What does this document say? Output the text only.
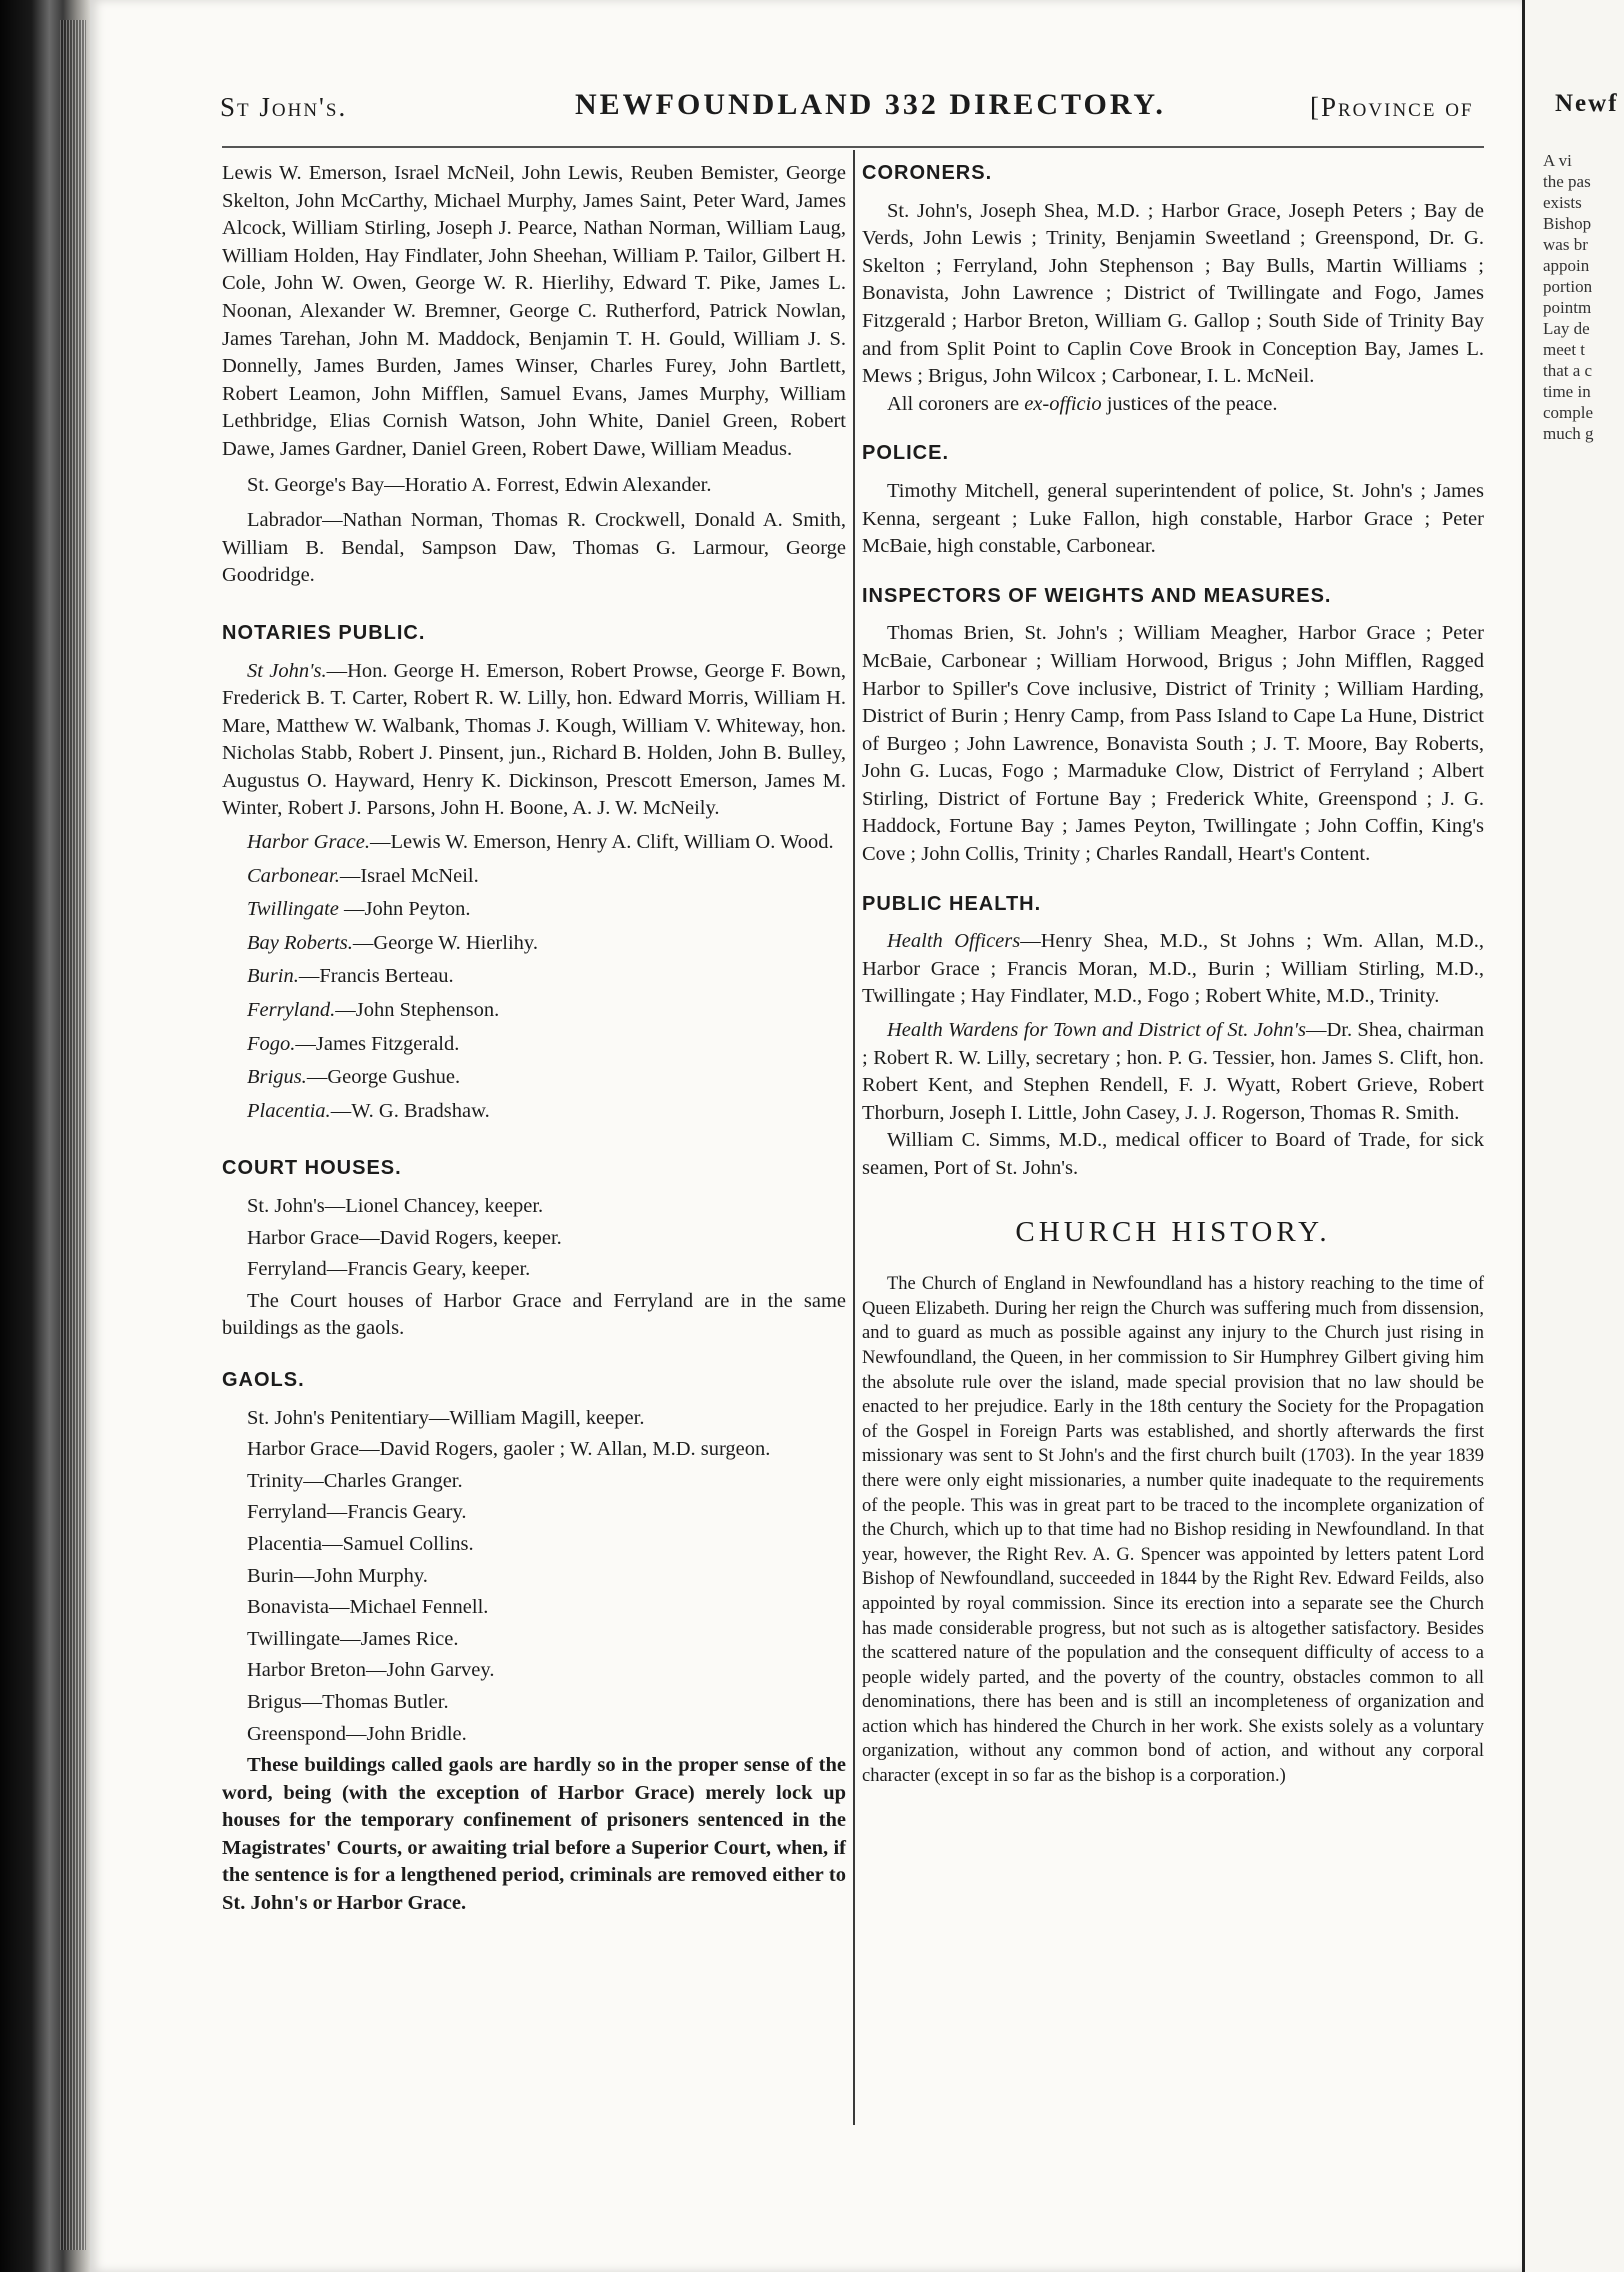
Newf
A vi
the pas
exists
Bishop
was br
appoin
portion
pointm
Lay de
meet t
that a c
time in
comple
much g
St John's.	NEWFOUNDLAND 332 DIRECTORY.	[Province of

Lewis W. Emerson, Israel McNeil, John Lewis, Reuben Bemister, George Skelton, John McCarthy, Michael Murphy, James Saint, Peter Ward, James Alcock, William Stirling, Joseph J. Pearce, Nathan Norman, William Laug, William Holden, Hay Findlater, John Sheehan, William P. Tailor, Gilbert H. Cole, John W. Owen, George W. R. Hierlihy, Edward T. Pike, James L. Noonan, Alexander W. Bremner, George C. Rutherford, Patrick Nowlan, James Tarehan, John M. Maddock, Benjamin T. H. Gould, William J. S. Donnelly, James Burden, James Winser, Charles Furey, John Bartlett, Robert Leamon, John Mifflen, Samuel Evans, James Murphy, William Lethbridge, Elias Cornish Watson, John White, Daniel Green, Robert Dawe, James Gardner, Daniel Green, Robert Dawe, William Meadus.

St. George's Bay—Horatio A. Forrest, Edwin Alexander.

Labrador—Nathan Norman, Thomas R. Crockwell, Donald A. Smith, William B. Bendal, Sampson Daw, Thomas G. Larmour, George Goodridge.

NOTARIES PUBLIC.

St John's.—Hon. George H. Emerson, Robert Prowse, George F. Bown, Frederick B. T. Carter, Robert R. W. Lilly, hon. Edward Morris, William H. Mare, Matthew W. Walbank, Thomas J. Kough, William V. Whiteway, hon. Nicholas Stabb, Robert J. Pinsent, jun., Richard B. Holden, John B. Bulley, Augustus O. Hayward, Henry K. Dickinson, Prescott Emerson, James M. Winter, Robert J. Parsons, John H. Boone, A. J. W. McNeily.

Harbor Grace.—Lewis W. Emerson, Henry A. Clift, William O. Wood.

Carbonear.—Israel McNeil.

Twillingate —John Peyton.

Bay Roberts.—George W. Hierlihy.

Burin.—Francis Berteau.

Ferryland.—John Stephenson.

Fogo.—James Fitzgerald.

Brigus.—George Gushue.

Placentia.—W. G. Bradshaw.

COURT HOUSES.

St. John's—Lionel Chancey, keeper.

Harbor Grace—David Rogers, keeper.

Ferryland—Francis Geary, keeper.

The Court houses of Harbor Grace and Ferryland are in the same buildings as the gaols.

GAOLS.

St. John's Penitentiary—William Magill, keeper.

Harbor Grace—David Rogers, gaoler ; W. Allan, M.D. surgeon.

Trinity—Charles Granger.

Ferryland—Francis Geary.

Placentia—Samuel Collins.

Burin—John Murphy.

Bonavista—Michael Fennell.

Twillingate—James Rice.

Harbor Breton—John Garvey.

Brigus—Thomas Butler.

Greenspond—John Bridle.

These buildings called gaols are hardly so in the proper sense of the word, being (with the exception of Harbor Grace) merely lock up houses for the temporary confinement of prisoners sentenced in the Magistrates' Courts, or awaiting trial before a Superior Court, when, if the sentence is for a lengthened period, criminals are removed either to St. John's or Harbor Grace.

CORONERS.

St. John's, Joseph Shea, M.D. ; Harbor Grace, Joseph Peters ; Bay de Verds, John Lewis ; Trinity, Benjamin Sweetland ; Greenspond, Dr. G. Skelton ; Ferryland, John Stephenson ; Bay Bulls, Martin Williams ; Bonavista, John Lawrence ; District of Twillingate and Fogo, James Fitzgerald ; Harbor Breton, William G. Gallop ; South Side of Trinity Bay and from Split Point to Caplin Cove Brook in Conception Bay, James L. Mews ; Brigus, John Wilcox ; Carbonear, I. L. McNeil.

All coroners are ex-officio justices of the peace.

POLICE.

Timothy Mitchell, general superintendent of police, St. John's ; James Kenna, sergeant ; Luke Fallon, high constable, Harbor Grace ; Peter McBaie, high constable, Carbonear.

INSPECTORS OF WEIGHTS AND MEASURES.

Thomas Brien, St. John's ; William Meagher, Harbor Grace ; Peter McBaie, Carbonear ; William Horwood, Brigus ; John Mifflen, Ragged Harbor to Spiller's Cove inclusive, District of Trinity ; William Harding, District of Burin ; Henry Camp, from Pass Island to Cape La Hune, District of Burgeo ; John Lawrence, Bonavista South ; J. T. Moore, Bay Roberts, John G. Lucas, Fogo ; Marmaduke Clow, District of Ferryland ; Albert Stirling, District of Fortune Bay ; Frederick White, Greenspond ; J. G. Haddock, Fortune Bay ; James Peyton, Twillingate ; John Coffin, King's Cove ; John Collis, Trinity ; Charles Randall, Heart's Content.

PUBLIC HEALTH.

Health Officers—Henry Shea, M.D., St Johns ; Wm. Allan, M.D., Harbor Grace ; Francis Moran, M.D., Burin ; William Stirling, M.D., Twillingate ; Hay Findlater, M.D., Fogo ; Robert White, M.D., Trinity.

Health Wardens for Town and District of St. John's—Dr. Shea, chairman ; Robert R. W. Lilly, secretary ; hon. P. G. Tessier, hon. James S. Clift, hon. Robert Kent, and Stephen Rendell, F. J. Wyatt, Robert Grieve, Robert Thorburn, Joseph I. Little, John Casey, J. J. Rogerson, Thomas R. Smith.

William C. Simms, M.D., medical officer to Board of Trade, for sick seamen, Port of St. John's.

CHURCH HISTORY.

The Church of England in Newfoundland has a history reaching to the time of Queen Elizabeth. During her reign the Church was suffering much from dissension, and to guard as much as possible against any injury to the Church just rising in Newfoundland, the Queen, in her commission to Sir Humphrey Gilbert giving him the absolute rule over the island, made special provision that no law should be enacted to her prejudice. Early in the 18th century the Society for the Propagation of the Gospel in Foreign Parts was established, and shortly afterwards the first missionary was sent to St John's and the first church built (1703). In the year 1839 there were only eight missionaries, a number quite inadequate to the requirements of the people. This was in great part to be traced to the incomplete organization of the Church, which up to that time had no Bishop residing in Newfoundland. In that year, however, the Right Rev. A. G. Spencer was appointed by letters patent Lord Bishop of Newfoundland, succeeded in 1844 by the Right Rev. Edward Feilds, also appointed by royal commission. Since its erection into a separate see the Church has made considerable progress, but not such as is altogether satisfactory. Besides the scattered nature of the population and the consequent difficulty of access to a people widely parted, and the poverty of the country, obstacles common to all denominations, there has been and is still an incompleteness of organization and action which has hindered the Church in her work. She exists solely as a voluntary organization, without any common bond of action, and without any corporal character (except in so far as the bishop is a corporation.)
